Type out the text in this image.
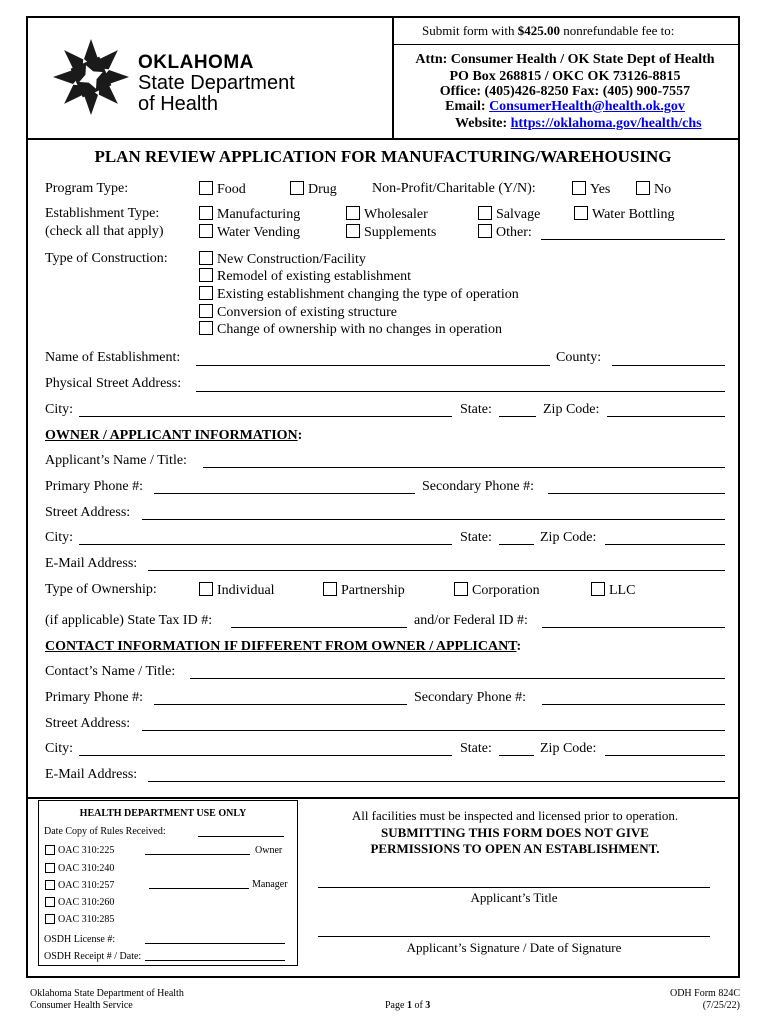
OKLAHOMA
State Department
of Health
Submit form with $425.00 nonrefundable fee to:
Attn: Consumer Health / OK State Dept of Health
PO Box 268815 / OKC OK 73126-8815
Office: (405)426-8250 Fax: (405) 900-7557
Email: ConsumerHealth@health.ok.gov
Website: https://oklahoma.gov/health/chs
PLAN REVIEW APPLICATION FOR MANUFACTURING/WAREHOUSING
Program Type:	Food	Drug	Non-Profit/Charitable (Y/N):	Yes	No
Establishment Type:
(check all that apply)
Manufacturing	Wholesaler	Salvage	Water Bottling
Water Vending	Supplements	Other:
Type of Construction:	New Construction/Facility
Remodel of existing establishment
Existing establishment changing the type of operation
Conversion of existing structure
Change of ownership with no changes in operation
Name of Establishment:	County:
Physical Street Address:
City:	State:	Zip Code:
OWNER / APPLICANT INFORMATION:
Applicant’s Name / Title:
Primary Phone #:	Secondary Phone #:
Street Address:
City:	State:	Zip Code:
E-Mail Address:
Type of Ownership:	Individual	Partnership	Corporation	LLC
(if applicable) State Tax ID #:	and/or Federal ID #:
CONTACT INFORMATION IF DIFFERENT FROM OWNER / APPLICANT:
Contact’s Name / Title:
Primary Phone #:	Secondary Phone #:
Street Address:
City:	State:	Zip Code:
E-Mail Address:
HEALTH DEPARTMENT USE ONLY
Date Copy of Rules Received:
OAC 310:225	Owner
OAC 310:240
OAC 310:257	Manager
OAC 310:260
OAC 310:285
OSDH License #:
OSDH Receipt # / Date:
All facilities must be inspected and licensed prior to operation.
SUBMITTING THIS FORM DOES NOT GIVE
PERMISSIONS TO OPEN AN ESTABLISHMENT.
Applicant’s Title
Applicant’s Signature / Date of Signature
Oklahoma State Department of Health
Consumer Health Service	Page 1 of 3
ODH Form 824C
(7/25/22)
